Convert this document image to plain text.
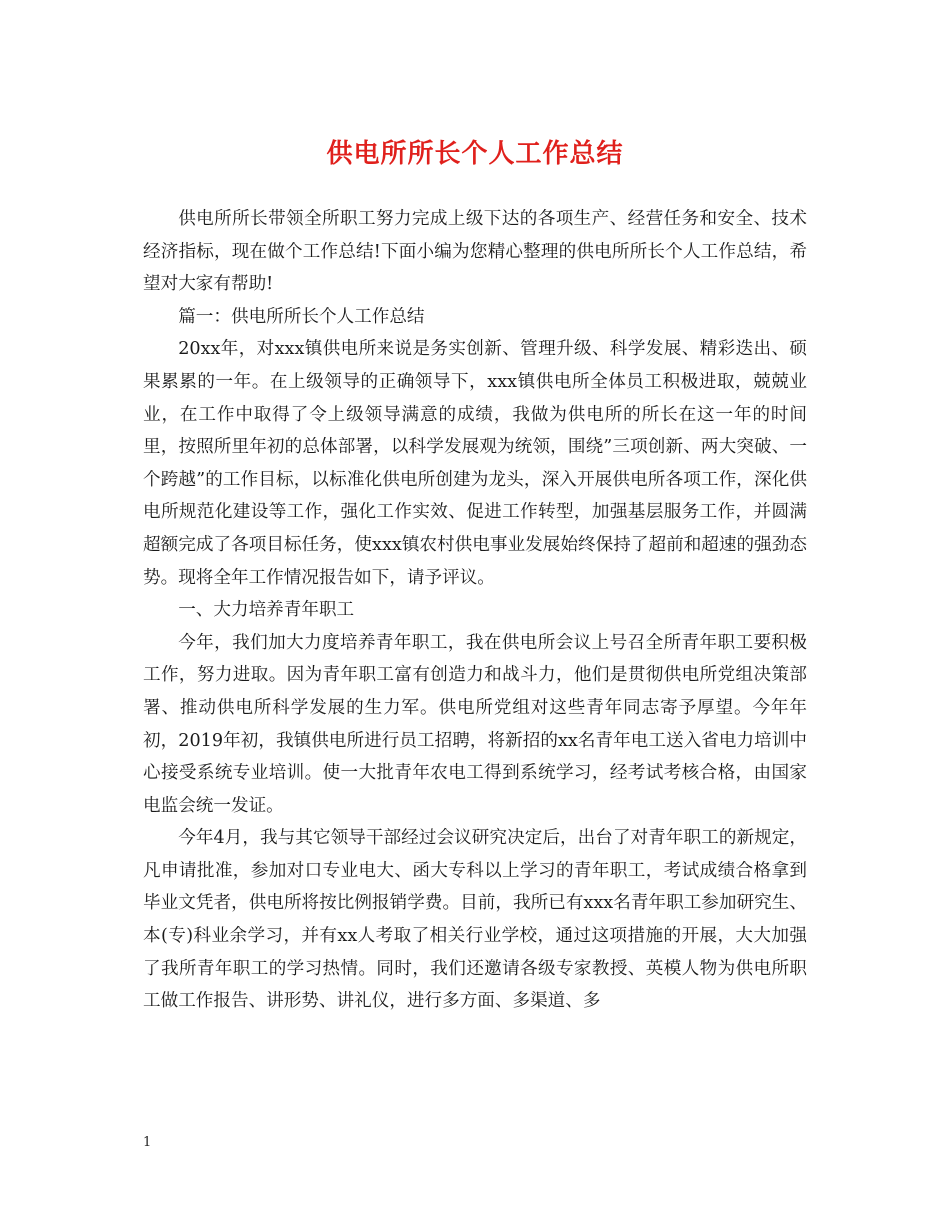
供电所所长个人工作总结

供电所所长带领全所职工努力完成上级下达的各项生产、经营任务和安全、技术经济指标，现在做个工作总结!下面小编为您精心整理的供电所所长个人工作总结，希望对大家有帮助!

篇一：供电所所长个人工作总结

20xx年，对xxx镇供电所来说是务实创新、管理升级、科学发展、精彩迭出、硕果累累的一年。在上级领导的正确领导下，xxx镇供电所全体员工积极进取，兢兢业业，在工作中取得了令上级领导满意的成绩，我做为供电所的所长在这一年的时间里，按照所里年初的总体部署，以科学发展观为统领，围绕”三项创新、两大突破、一个跨越”的工作目标，以标准化供电所创建为龙头，深入开展供电所各项工作，深化供电所规范化建设等工作，强化工作实效、促进工作转型，加强基层服务工作，并圆满超额完成了各项目标任务，使xxx镇农村供电事业发展始终保持了超前和超速的强劲态势。现将全年工作情况报告如下，请予评议。

一、大力培养青年职工

今年，我们加大力度培养青年职工，我在供电所会议上号召全所青年职工要积极工作，努力进取。因为青年职工富有创造力和战斗力，他们是贯彻供电所党组决策部署、推动供电所科学发展的生力军。供电所党组对这些青年同志寄予厚望。今年年初，2019年初，我镇供电所进行员工招聘，将新招的xx名青年电工送入省电力培训中心接受系统专业培训。使一大批青年农电工得到系统学习，经考试考核合格，由国家电监会统一发证。

今年4月，我与其它领导干部经过会议研究决定后，出台了对青年职工的新规定，凡申请批准，参加对口专业电大、函大专科以上学习的青年职工，考试成绩合格拿到毕业文凭者，供电所将按比例报销学费。目前，我所已有xxx名青年职工参加研究生、本(专)科业余学习，并有xx人考取了相关行业学校，通过这项措施的开展，大大加强了我所青年职工的学习热情。同时，我们还邀请各级专家教授、英模人物为供电所职工做工作报告、讲形势、讲礼仪，进行多方面、多渠道、多

1
